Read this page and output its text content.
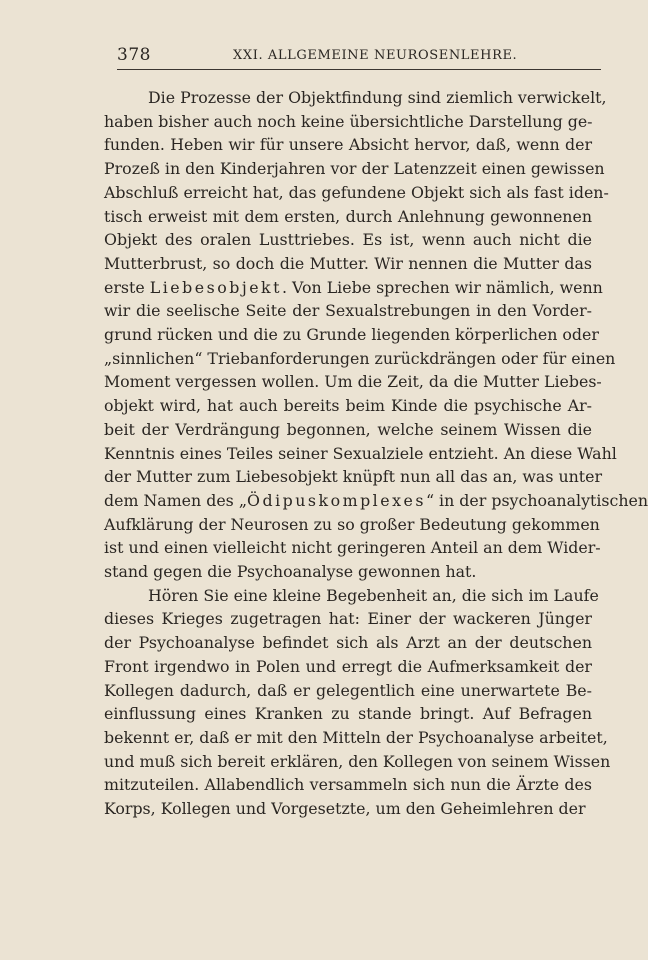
378	XXI. ALLGEMEINE NEUROSENLEHRE.
Die Prozesse der Objektfindung sind ziemlich verwickelt,
haben bisher auch noch keine übersichtliche Darstellung ge-
funden. Heben wir für unsere Absicht hervor, daß, wenn der
Prozeß in den Kinderjahren vor der Latenzzeit einen gewissen
Abschluß erreicht hat, das gefundene Objekt sich als fast iden-
tisch erweist mit dem ersten, durch Anlehnung gewonnenen
Objekt des oralen Lusttriebes. Es ist, wenn auch nicht die
Mutterbrust, so doch die Mutter. Wir nennen die Mutter das
erste Liebesobjekt. Von Liebe sprechen wir nämlich, wenn
wir die seelische Seite der Sexualstrebungen in den Vorder-
grund rücken und die zu Grunde liegenden körperlichen oder
„sinnlichen“ Triebanforderungen zurückdrängen oder für einen
Moment vergessen wollen. Um die Zeit, da die Mutter Liebes-
objekt wird, hat auch bereits beim Kinde die psychische Ar-
beit der Verdrängung begonnen, welche seinem Wissen die
Kenntnis eines Teiles seiner Sexualziele entzieht. An diese Wahl
der Mutter zum Liebesobjekt knüpft nun all das an, was unter
dem Namen des „Ödipuskomplexes“ in der psychoanalytischen
Aufklärung der Neurosen zu so großer Bedeutung gekommen
ist und einen vielleicht nicht geringeren Anteil an dem Wider-
stand gegen die Psychoanalyse gewonnen hat.
Hören Sie eine kleine Begebenheit an, die sich im Laufe
dieses Krieges zugetragen hat: Einer der wackeren Jünger
der Psychoanalyse befindet sich als Arzt an der deutschen
Front irgendwo in Polen und erregt die Aufmerksamkeit der
Kollegen dadurch, daß er gelegentlich eine unerwartete Be-
einflussung eines Kranken zu stande bringt. Auf Befragen
bekennt er, daß er mit den Mitteln der Psychoanalyse arbeitet,
und muß sich bereit erklären, den Kollegen von seinem Wissen
mitzuteilen. Allabendlich versammeln sich nun die Ärzte des
Korps, Kollegen und Vorgesetzte, um den Geheimlehren der
